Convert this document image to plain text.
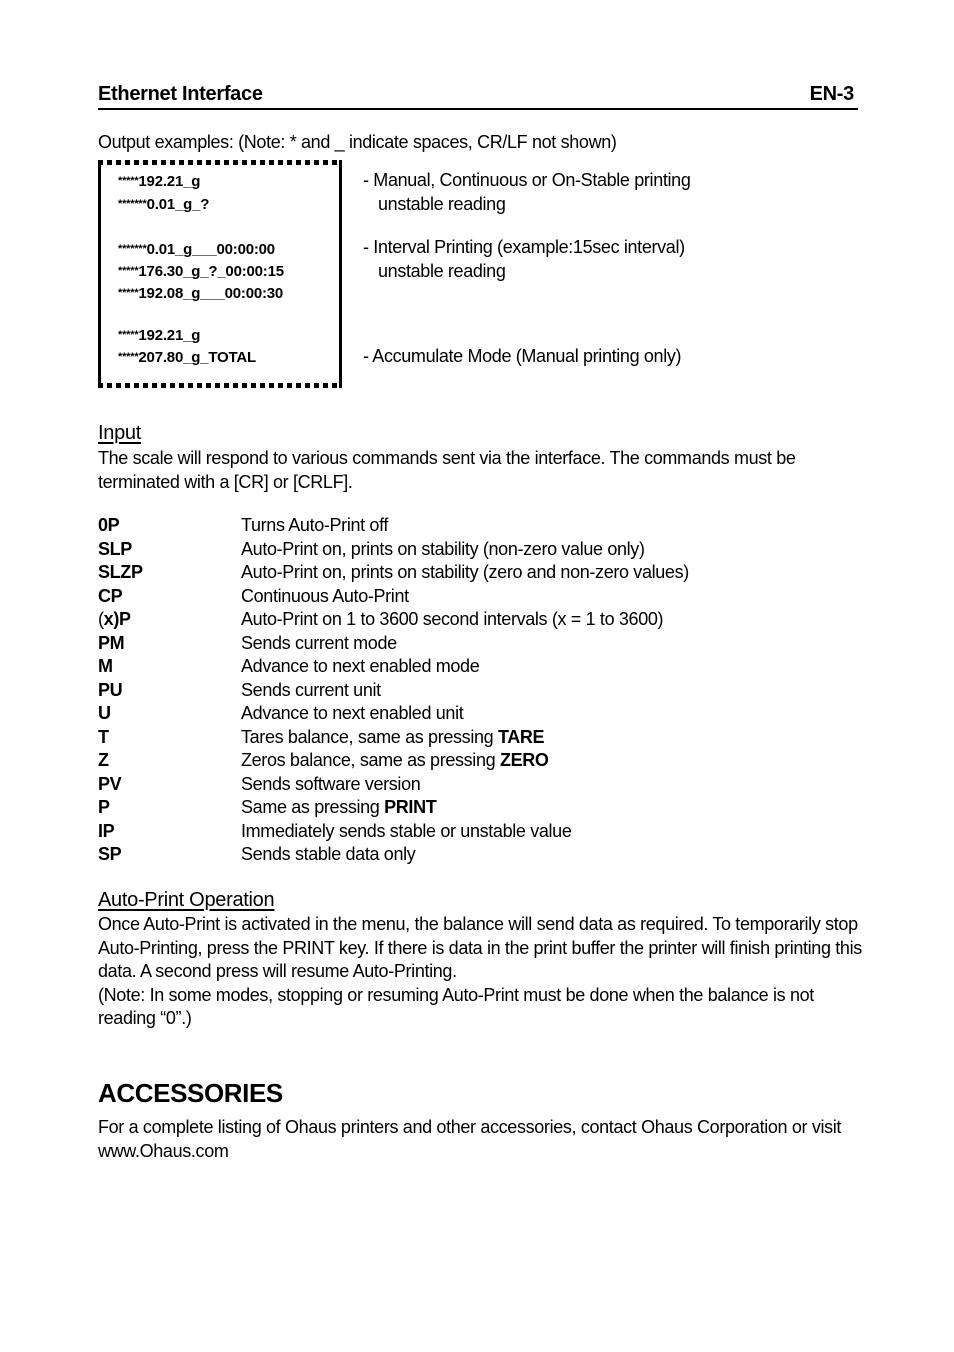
Ethernet Interface	EN-3
Output examples: (Note: * and _ indicate spaces, CR/LF not shown)
*****192.21_g
*******0.01_g_?
*******0.01_g___00:00:00
*****176.30_g_?_00:00:15
*****192.08_g___00:00:30
*****192.21_g
*****207.80_g_TOTAL
- Manual, Continuous or On-Stable printing
unstable reading
- Interval Printing (example:15sec interval)
unstable reading
- Accumulate Mode (Manual printing only)
Input
The scale will respond to various commands sent via the interface. The commands must be
terminated with a [CR] or [CRLF].
0P	Turns Auto-Print off
SLP	Auto-Print on, prints on stability (non-zero value only)
SLZP	Auto-Print on, prints on stability (zero and non-zero values)
CP	Continuous Auto-Print
(x)P	Auto-Print on 1 to 3600 second intervals (x = 1 to 3600)
PM	Sends current mode
M	Advance to next enabled mode
PU	Sends current unit
U	Advance to next enabled unit
T	Tares balance, same as pressing TARE
Z	Zeros balance, same as pressing ZERO
PV	Sends software version
P	Same as pressing PRINT
IP	Immediately sends stable or unstable value
SP	Sends stable data only
Auto-Print Operation
Once Auto-Print is activated in the menu, the balance will send data as required. To temporarily stop
Auto-Printing, press the PRINT key. If there is data in the print buffer the printer will finish printing this
data. A second press will resume Auto-Printing.
(Note: In some modes, stopping or resuming Auto-Print must be done when the balance is not
reading “0”.)
ACCESSORIES
For a complete listing of Ohaus printers and other accessories, contact Ohaus Corporation or visit
www.Ohaus.com
